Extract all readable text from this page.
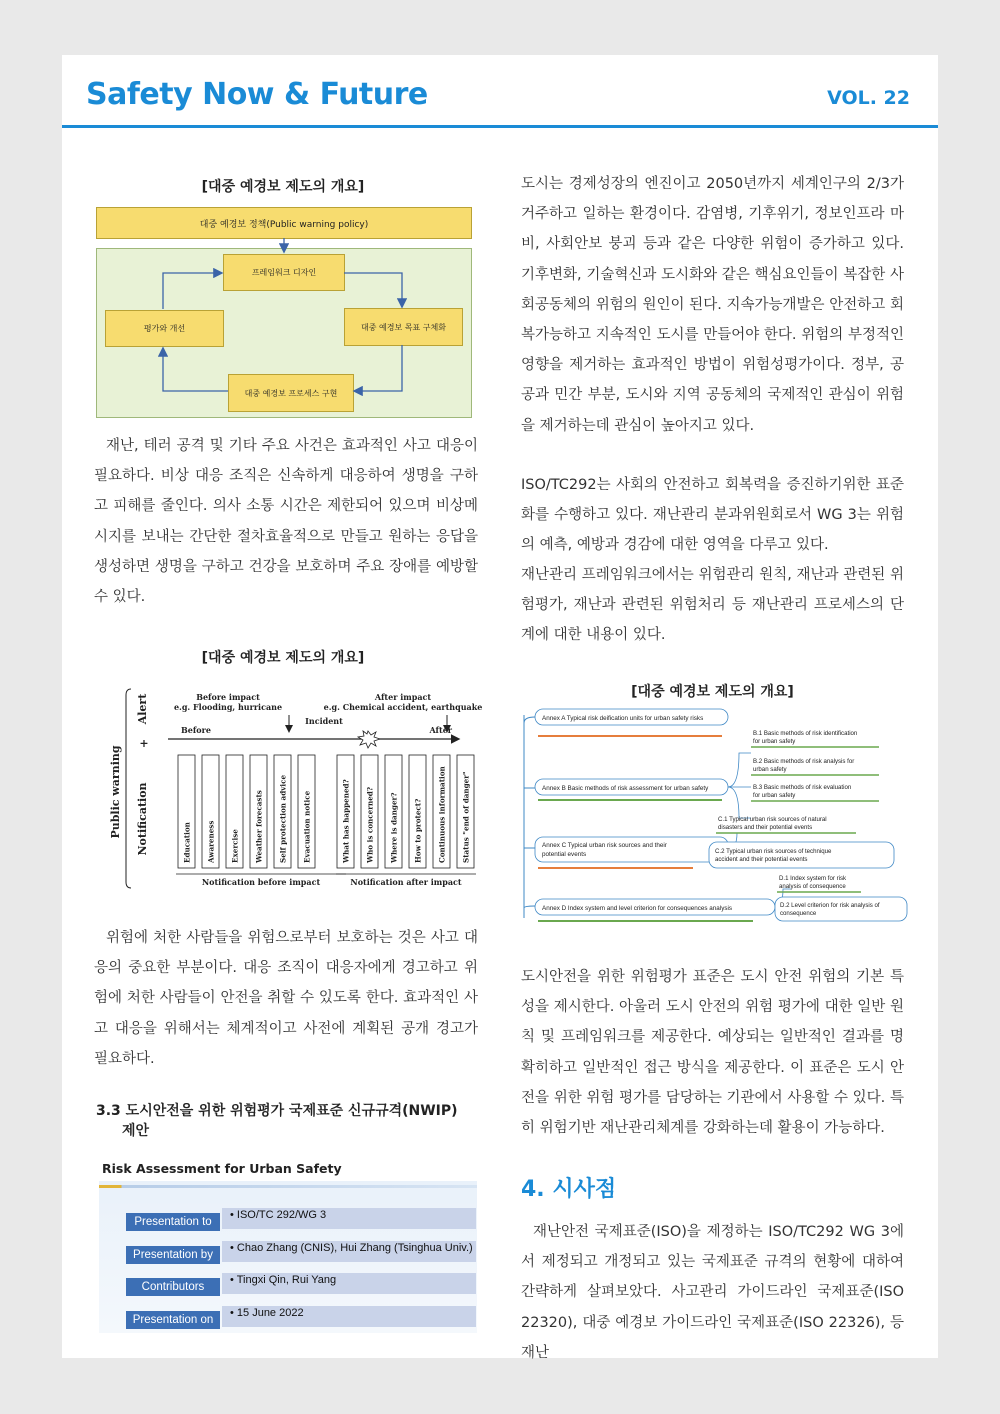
Safety Now & Future	VOL. 22
[대중 예경보 제도의 개요]
대중 예경보 정책(Public warning policy)
프레임워크 디자인
대중 예경보 목표 구체화
대중 예경보 프로세스 구현
평가와 개선

재난, 테러 공격 및 기타 주요 사건은 효과적인 사고 대응이 필요하다. 비상 대응 조직은 신속하게 대응하여 생명을 구하고 피해를 줄인다. 의사 소통 시간은 제한되어 있으며 비상메시지를 보내는 간단한 절차효율적으로 만들고 원하는 응답을 생성하면 생명을 구하고 건강을 보호하며 주요 장애를 예방할 수 있다.

[대중 예경보 제도의 개요]
Public warning
Alert
+
Notification
Before impact
e.g. Flooding, hurricane
After impact
e.g. Chemical accident, earthquake
Incident
Before	After
Education Awareness Exercise Weather forecasts Self protection advice Evacuation notice	What has happened? Who is concerned? Where is danger? How to protect? Continuous information Status "end of danger"
Notification before impact	Notification after impact

위험에 처한 사람들을 위험으로부터 보호하는 것은 사고 대응의 중요한 부분이다. 대응 조직이 대응자에게 경고하고 위험에 처한 사람들이 안전을 취할 수 있도록 한다. 효과적인 사고 대응을 위해서는 체계적이고 사전에 계획된 공개 경고가 필요하다.

3.3 도시안전을 위한 위험평가 국제표준 신규규격(NWIP)
제안
Risk Assessment for Urban Safety
Presentation to
• ISO/TC 292/WG 3
Presentation by
• Chao Zhang (CNIS), Hui Zhang (Tsinghua Univ.)
Contributors
• Tingxi Qin, Rui Yang
Presentation on
• 15 June 2022

도시는 경제성장의 엔진이고 2050년까지 세계인구의 2/3가 거주하고 일하는 환경이다. 감염병, 기후위기, 정보인프라 마비, 사회안보 붕괴 등과 같은 다양한 위험이 증가하고 있다. 기후변화, 기술혁신과 도시화와 같은 핵심요인들이 복잡한 사회공동체의 위험의 원인이 된다. 지속가능개발은 안전하고 회복가능하고 지속적인 도시를 만들어야 한다. 위험의 부정적인 영향을 제거하는 효과적인 방법이 위험성평가이다. 정부, 공공과 민간 부분, 도시와 지역 공동체의 국제적인 관심이 위험을 제거하는데 관심이 높아지고 있다.

ISO/TC292는 사회의 안전하고 회복력을 증진하기위한 표준화를 수행하고 있다. 재난관리 분과위원회로서 WG 3는 위험의 예측, 예방과 경감에 대한 영역을 다루고 있다.

재난관리 프레임워크에서는 위험관리 원칙, 재난과 관련된 위험평가, 재난과 관련된 위험처리 등 재난관리 프로세스의 단계에 대한 내용이 있다.

[대중 예경보 제도의 개요]
Annex A Typical risk deification units for urban safety risks
Annex B Basic methods of risk assessment for urban safety
B.1 Basic methods of risk identification
for urban safety
B.2 Basic methods of risk analysis for
urban safety
B.3 Basic methods of risk evaluation
for urban safety
Annex C Typical urban risk sources and their
potential events
C.1 Typical urban risk sources of natural
disasters and their potential events
C.2 Typical urban risk sources of technique
accident and their potential events
Annex D Index system and level criterion for consequences analysis
D.1 Index system for risk
analysis of consequence
D.2 Level criterion for risk analysis of
consequence

도시안전을 위한 위험평가 표준은 도시 안전 위험의 기본 특성을 제시한다. 아울러 도시 안전의 위험 평가에 대한 일반 원칙 및 프레임워크를 제공한다. 예상되는 일반적인 결과를 명확히하고 일반적인 접근 방식을 제공한다. 이 표준은 도시 안전을 위한 위험 평가를 담당하는 기관에서 사용할 수 있다. 특히 위험기반 재난관리체계를 강화하는데 활용이 가능하다.

4. 시사점

재난안전 국제표준(ISO)을 제정하는 ISO/TC292 WG 3에서 제정되고 개정되고 있는 국제표준 규격의 현황에 대하여 간략하게 살펴보았다. 사고관리 가이드라인 국제표준(ISO 22320), 대중 예경보 가이드라인 국제표준(ISO 22326), 등 재난
